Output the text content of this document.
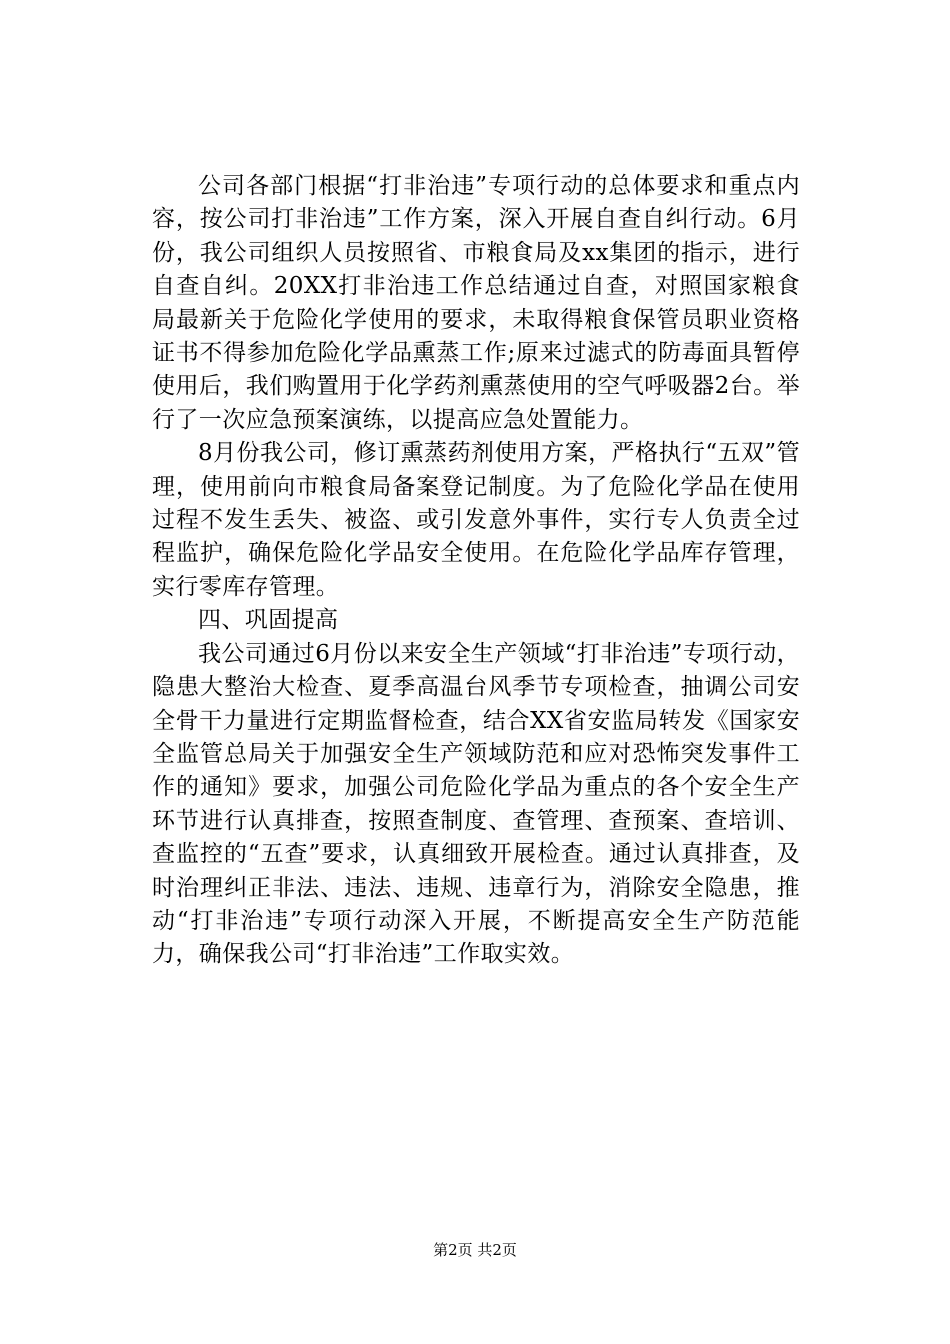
公司各部门根据“打非治违”专项行动的总体要求和重点内容，按公司打非治违”工作方案，深入开展自查自纠行动。6月份，我公司组织人员按照省、市粮食局及xx集团的指示，进行自查自纠。20XX打非治违工作总结通过自查，对照国家粮食局最新关于危险化学使用的要求，未取得粮食保管员职业资格证书不得参加危险化学品熏蒸工作;原来过滤式的防毒面具暂停使用后，我们购置用于化学药剂熏蒸使用的空气呼吸器2台。举行了一次应急预案演练，以提高应急处置能力。

8月份我公司，修订熏蒸药剂使用方案，严格执行“五双”管理，使用前向市粮食局备案登记制度。为了危险化学品在使用过程不发生丢失、被盗、或引发意外事件，实行专人负责全过程监护，确保危险化学品安全使用。在危险化学品库存管理，实行零库存管理。

四、巩固提高

我公司通过6月份以来安全生产领域“打非治违”专项行动，隐患大整治大检查、夏季高温台风季节专项检查，抽调公司安全骨干力量进行定期监督检查，结合XX省安监局转发《国家安全监管总局关于加强安全生产领域防范和应对恐怖突发事件工作的通知》要求，加强公司危险化学品为重点的各个安全生产环节进行认真排查，按照查制度、查管理、查预案、查培训、查监控的“五查”要求，认真细致开展检查。通过认真排查，及时治理纠正非法、违法、违规、违章行为，消除安全隐患，推动“打非治违”专项行动深入开展，不断提高安全生产防范能力，确保我公司“打非治违”工作取实效。

第2页 共2页
